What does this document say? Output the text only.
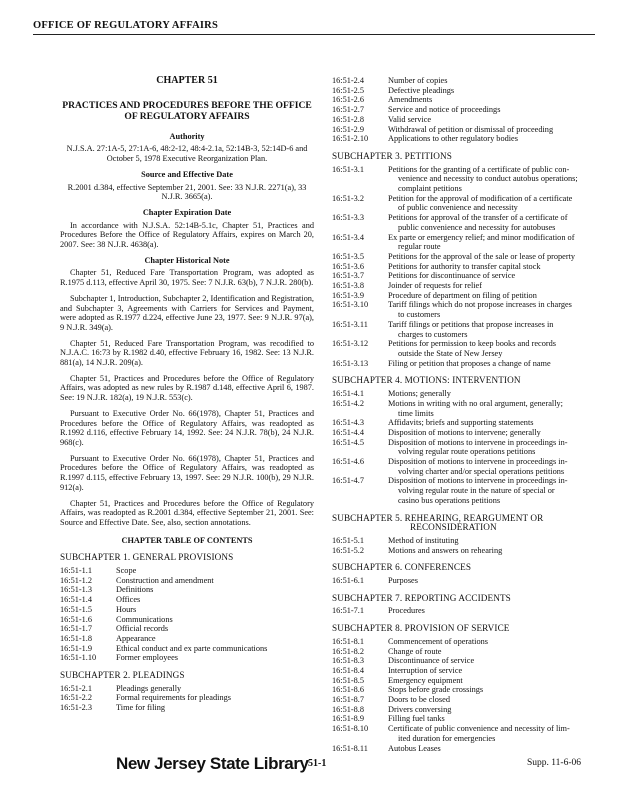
OFFICE OF REGULATORY AFFAIRS
CHAPTER 51
PRACTICES AND PROCEDURES BEFORE THE OFFICE OF REGULATORY AFFAIRS
Authority

N.J.S.A. 27:1A-5, 27:1A-6, 48:2-12, 48:4-2.1a, 52:14B-3, 52:14D-6 and October 5, 1978 Executive Reorganization Plan.

Source and Effective Date

R.2001 d.384, effective September 21, 2001. See: 33 N.J.R. 2271(a), 33 N.J.R. 3665(a).

Chapter Expiration Date

In accordance with N.J.S.A. 52:14B-5.1c, Chapter 51, Practices and Procedures Before the Office of Regulatory Affairs, expires on March 20, 2007. See: 38 N.J.R. 4638(a).

Chapter Historical Note

Chapter 51, Reduced Fare Transportation Program, was adopted as R.1975 d.113, effective April 30, 1975. See: 7 N.J.R. 63(b), 7 N.J.R. 280(b).

Subchapter 1, Introduction, Subchapter 2, Identification and Registration, and Subchapter 3, Agreements with Carriers for Services and Payment, were adopted as R.1977 d.224, effective June 23, 1977. See: 9 N.J.R. 97(a), 9 N.J.R. 349(a).

Chapter 51, Reduced Fare Transportation Program, was recodified to N.J.A.C. 16:73 by R.1982 d.40, effective February 16, 1982. See: 13 N.J.R. 881(a), 14 N.J.R. 209(a).

Chapter 51, Practices and Procedures before the Office of Regulatory Affairs, was adopted as new rules by R.1987 d.148, effective April 6, 1987. See: 19 N.J.R. 182(a), 19 N.J.R. 553(c).

Pursuant to Executive Order No. 66(1978), Chapter 51, Practices and Procedures before the Office of Regulatory Affairs, was readopted as R.1992 d.116, effective February 14, 1992. See: 24 N.J.R. 78(b), 24 N.J.R. 968(c).

Pursuant to Executive Order No. 66(1978), Chapter 51, Practices and Procedures before the Office of Regulatory Affairs, was readopted as R.1997 d.115, effective February 13, 1997. See: 29 N.J.R. 100(b), 29 N.J.R. 912(a).

Chapter 51, Practices and Procedures before the Office of Regulatory Affairs, was readopted as R.2001 d.384, effective September 21, 2001. See: Source and Effective Date. See, also, section annotations.

CHAPTER TABLE OF CONTENTS
SUBCHAPTER 1. GENERAL PROVISIONS
16:51-1.1	Scope
16:51-1.2	Construction and amendment
16:51-1.3	Definitions
16:51-1.4	Offices
16:51-1.5	Hours
16:51-1.6	Communications
16:51-1.7	Official records
16:51-1.8	Appearance
16:51-1.9	Ethical conduct and ex parte communications
16:51-1.10	Former employees
SUBCHAPTER 2. PLEADINGS
16:51-2.1	Pleadings generally
16:51-2.2	Formal requirements for pleadings
16:51-2.3	Time for filing
16:51-2.4	Number of copies
16:51-2.5	Defective pleadings
16:51-2.6	Amendments
16:51-2.7	Service and notice of proceedings
16:51-2.8	Valid service
16:51-2.9	Withdrawal of petition or dismissal of proceeding
16:51-2.10	Applications to other regulatory bodies
SUBCHAPTER 3. PETITIONS
16:51-3.1	Petitions for the granting of a certificate of public con-
venience and necessity to conduct autobus operations;
complaint petitions
16:51-3.2	Petition for the approval of modification of a certificate
of public convenience and necessity
16:51-3.3	Petitions for approval of the transfer of a certificate of
public convenience and necessity for autobuses
16:51-3.4	Ex parte or emergency relief; and minor modification of
regular route
16:51-3.5	Petitions for the approval of the sale or lease of property
16:51-3.6	Petitions for authority to transfer capital stock
16:51-3.7	Petitions for discontinuance of service
16:51-3.8	Joinder of requests for relief
16:51-3.9	Procedure of department on filing of petition
16:51-3.10	Tariff filings which do not propose increases in charges
to customers
16:51-3.11	Tariff filings or petitions that propose increases in
charges to customers
16:51-3.12	Petitions for permission to keep books and records
outside the State of New Jersey
16:51-3.13	Filing or petition that proposes a change of name
SUBCHAPTER 4. MOTIONS: INTERVENTION
16:51-4.1	Motions; generally
16:51-4.2	Motions in writing with no oral argument, generally;
time limits
16:51-4.3	Affidavits; briefs and supporting statements
16:51-4.4	Disposition of motions to intervene; generally
16:51-4.5	Disposition of motions to intervene in proceedings in-
volving regular route operations petitions
16:51-4.6	Disposition of motions to intervene in proceedings in-
volving charter and/or special operations petitions
16:51-4.7	Disposition of motions to intervene in proceedings in-
volving regular route in the nature of special or
casino bus operations petitions
SUBCHAPTER 5. REHEARING, REARGUMENT OR
RECONSIDERATION
16:51-5.1	Method of instituting
16:51-5.2	Motions and answers on rehearing
SUBCHAPTER 6. CONFERENCES
16:51-6.1	Purposes
SUBCHAPTER 7. REPORTING ACCIDENTS
16:51-7.1	Procedures
SUBCHAPTER 8. PROVISION OF SERVICE
16:51-8.1	Commencement of operations
16:51-8.2	Change of route
16:51-8.3	Discontinuance of service
16:51-8.4	Interruption of service
16:51-8.5	Emergency equipment
16:51-8.6	Stops before grade crossings
16:51-8.7	Doors to be closed
16:51-8.8	Drivers conversing
16:51-8.9	Filling fuel tanks
16:51-8.10	Certificate of public convenience and necessity of lim-
ited duration for emergencies
16:51-8.11	Autobus Leases
New Jersey State Library 51-1	Supp. 11-6-06
